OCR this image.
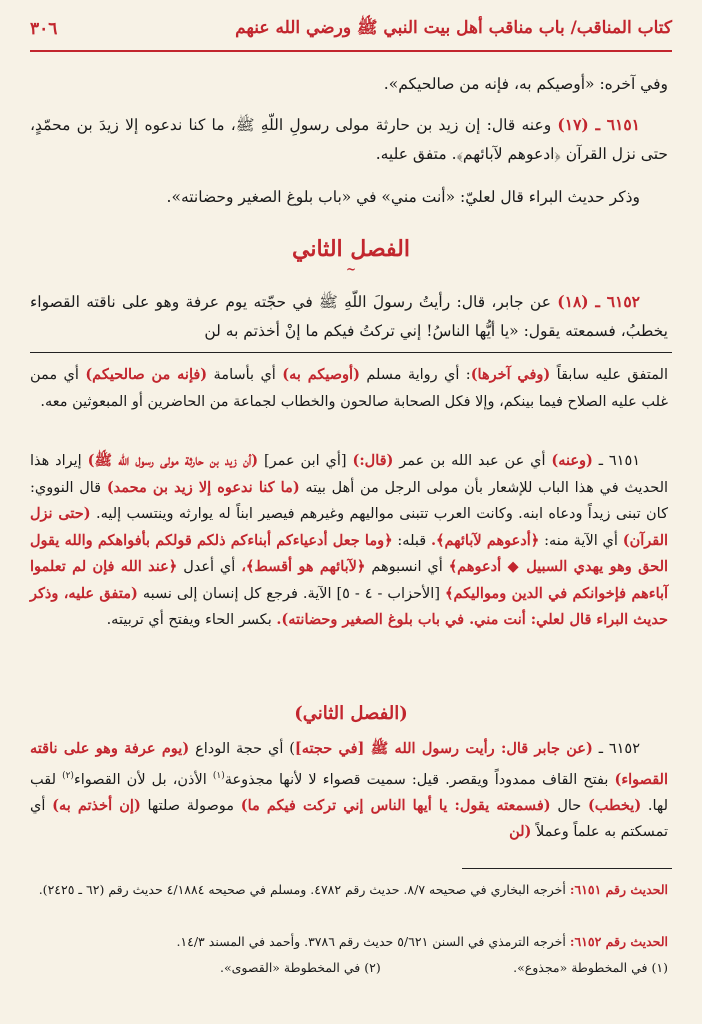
كتاب المناقب/ باب مناقب أهل بيت النبي ﷺ ورضي الله عنهم
٣٠٦
وفي آخره: «أوصيكم به، فإنه من صالحيكم».
٦١٥١ ـ (١٧) وعنه قال: إن زيد بن حارثة مولى رسولِ اللّهِ ﷺ، ما كنا ندعوه إلا زيدَ بن محمّدٍ، حتى نزل القرآن ﴿ادعوهم لآبائهم﴾. متفق عليه.
وذكر حديث البراء قال لعليّ: «أنت مني» في «باب بلوغ الصغير وحضانته».
الفصل الثاني
~
٦١٥٢ ـ (١٨) عن جابر، قال: رأيتُ رسولَ اللّهِ ﷺ في حجّته يوم عرفة وهو على ناقته القصواء يخطبُ، فسمعته يقول: «يا أيُّها الناسُ! إني تركتُ فيكم ما إنْ أخذتم به لن
المتفق عليه سابقاً (وفي آخرها): أي رواية مسلم (أوصيكم به) أي بأسامة (فإنه من صالحيكم) أي ممن غلب عليه الصلاح فيما بينكم، وإلا فكل الصحابة صالحون والخطاب لجماعة من الحاضرين أو المبعوثين معه.
٦١٥١ ـ (وعنه) أي عن عبد الله بن عمر (قال:) [أي ابن عمر] (أن زيد بن حارثة مولى رسول الله ﷺ) إيراد هذا الحديث في هذا الباب للإشعار بأن مولى الرجل من أهل بيته (ما كنا ندعوه إلا زيد بن محمد) قال النووي: كان تبنى زيداً ودعاه ابنه. وكانت العرب تتبنى مواليهم وغيرهم فيصير ابناً له يوارثه وينتسب إليه. (حتى نزل القرآن) أي الآية منه: ﴿أدعوهم لآبائهم﴾. قبله: ﴿وما جعل أدعياءكم أبناءكم ذلكم قولكم بأفواهكم والله يقول الحق وهو يهدي السبيل ◆ أدعوهم﴾ أي انسبوهم ﴿لآبائهم هو أقسط﴾، أي أعدل ﴿عند الله فإن لم تعلموا آباءهم فإخوانكم في الدين ومواليكم﴾ [الأحزاب - ٤ - ٥] الآية. فرجع كل إنسان إلى نسبه (متفق عليه، وذكر حديث البراء قال لعلي: أنت مني. في باب بلوغ الصغير وحضانته). بكسر الحاء ويفتح أي تربيته.
(الفصل الثاني)
٦١٥٢ ـ (عن جابر قال: رأيت رسول الله ﷺ [في حجته]) أي حجة الوداع (يوم عرفة وهو على ناقته القصواء) بفتح القاف ممدوداً ويقصر. قيل: سميت قصواء لا لأنها مجذوعة$^{(١)}$ الأذن، بل لأن القصواء$^{(٢)}$ لقب لها. (يخطب) حال (فسمعته يقول: يا أيها الناس إني تركت فيكم ما) موصولة صلتها (إن أخذتم به) أي تمسكتم به علماً وعملاً (لن
الحديث رقم ٦١٥١: أخرجه البخاري في صحيحه ٨/٧. حديث رقم ٤٧٨٢. ومسلم في صحيحه ٤/١٨٨٤ حديث رقم (٦٢ ـ ٢٤٢٥).
الحديث رقم ٦١٥٢: أخرجه الترمذي في السنن ٥/٦٢١ حديث رقم ٣٧٨٦. وأحمد في المسند ١٤/٣.
(١) في المخطوطة «مجذوع».
(٢) في المخطوطة «القصوى».
